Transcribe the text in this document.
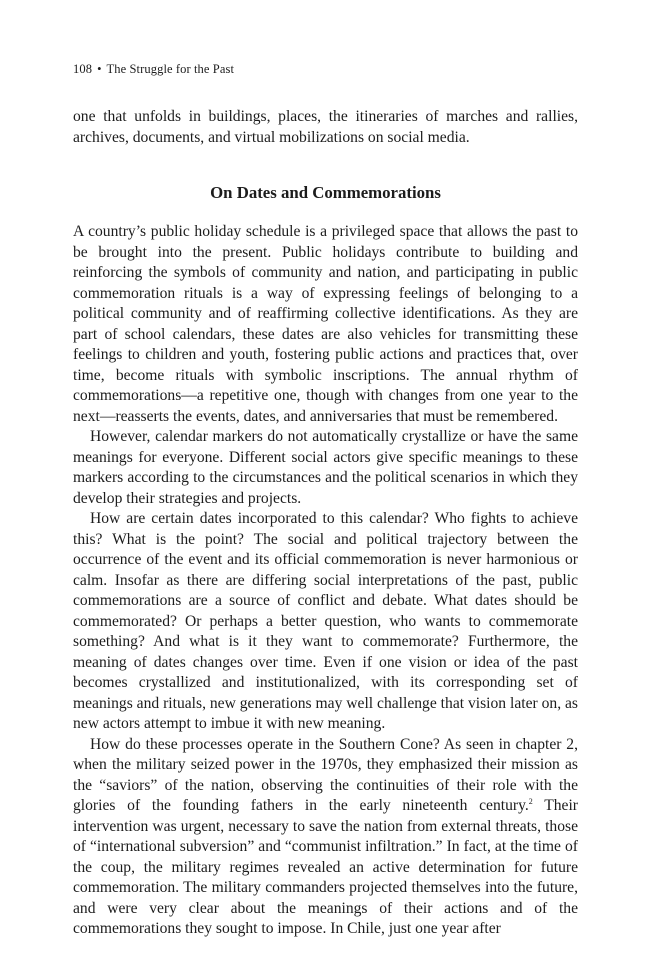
108 • The Struggle for the Past

one that unfolds in buildings, places, the itineraries of marches and rallies, archives, documents, and virtual mobilizations on social media.

On Dates and Commemorations

A country’s public holiday schedule is a privileged space that allows the past to be brought into the present. Public holidays contribute to building and reinforcing the symbols of community and nation, and participating in public commemoration rituals is a way of expressing feelings of belonging to a political community and of reaffirming collective identifications. As they are part of school calendars, these dates are also vehicles for transmitting these feelings to children and youth, fostering public actions and practices that, over time, become rituals with symbolic inscriptions. The annual rhythm of commemorations—a repetitive one, though with changes from one year to the next—reasserts the events, dates, and anniversaries that must be remembered.

However, calendar markers do not automatically crystallize or have the same meanings for everyone. Different social actors give specific meanings to these markers according to the circumstances and the political scenarios in which they develop their strategies and projects.

How are certain dates incorporated to this calendar? Who fights to achieve this? What is the point? The social and political trajectory between the occurrence of the event and its official commemoration is never harmonious or calm. Insofar as there are differing social interpretations of the past, public commemorations are a source of conflict and debate. What dates should be commemorated? Or perhaps a better question, who wants to commemorate something? And what is it they want to commemorate? Furthermore, the meaning of dates changes over time. Even if one vision or idea of the past becomes crystallized and institutionalized, with its corresponding set of meanings and rituals, new generations may well challenge that vision later on, as new actors attempt to imbue it with new meaning.

How do these processes operate in the Southern Cone? As seen in chapter 2, when the military seized power in the 1970s, they emphasized their mission as the “saviors” of the nation, observing the continuities of their role with the glories of the founding fathers in the early nineteenth century.$^2$ Their intervention was urgent, necessary to save the nation from external threats, those of “international subversion” and “communist infiltration.” In fact, at the time of the coup, the military regimes revealed an active determination for future commemoration. The military commanders projected themselves into the future, and were very clear about the meanings of their actions and of the commemorations they sought to impose. In Chile, just one year after
